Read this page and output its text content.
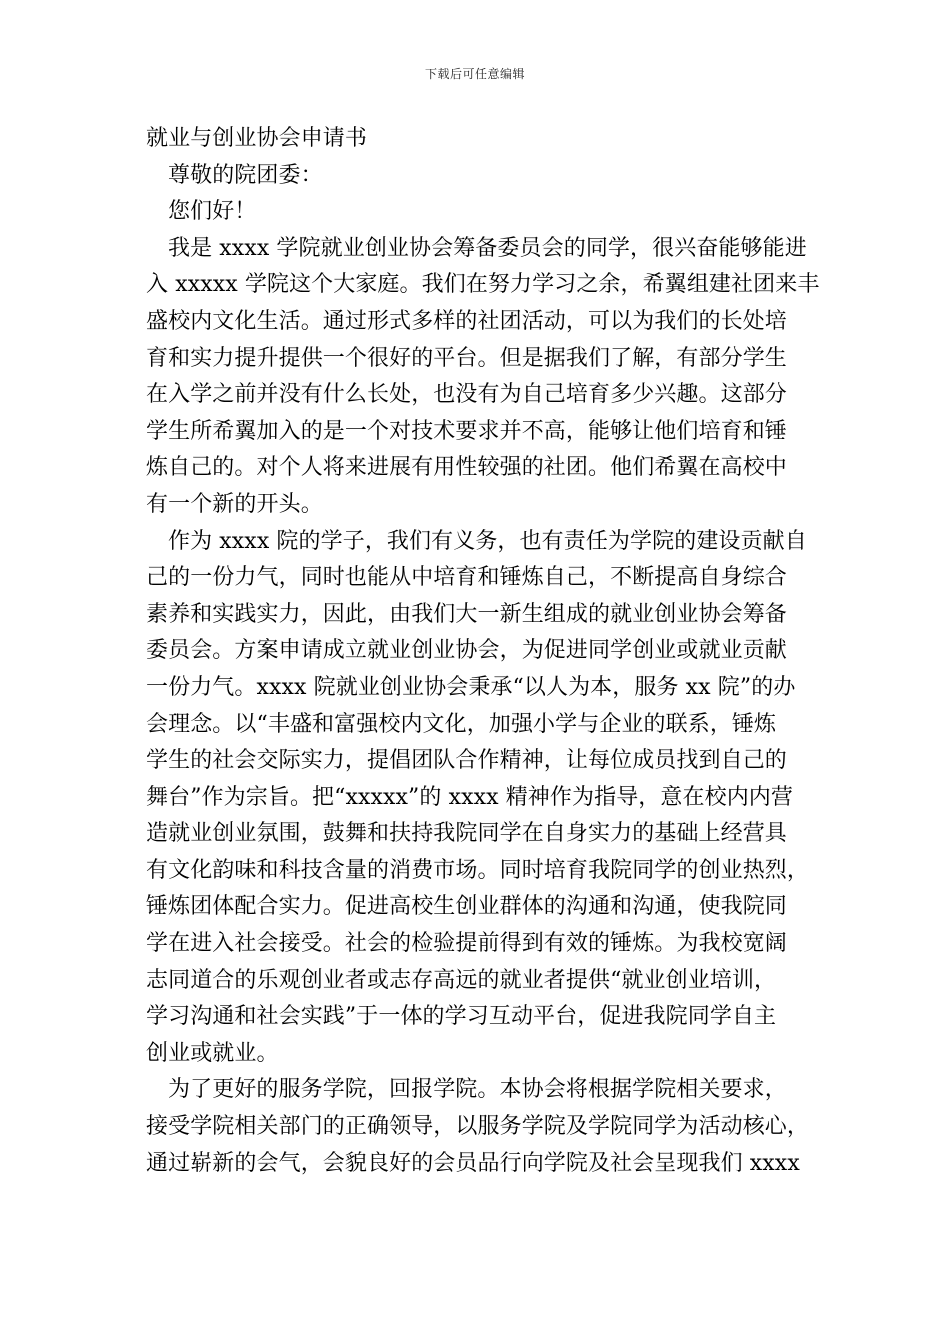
下载后可任意编辑
就业与创业协会申请书
尊敬的院团委：
您们好！
我是 xxxx 学院就业创业协会筹备委员会的同学，很兴奋能够能进
入 xxxxx 学院这个大家庭。我们在努力学习之余，希翼组建社团来丰
盛校内文化生活。通过形式多样的社团活动，可以为我们的长处培
育和实力提升提供一个很好的平台。但是据我们了解，有部分学生
在入学之前并没有什么长处，也没有为自己培育多少兴趣。这部分
学生所希翼加入的是一个对技术要求并不高，能够让他们培育和锤
炼自己的。对个人将来进展有用性较强的社团。他们希翼在高校中
有一个新的开头。
作为 xxxx 院的学子，我们有义务，也有责任为学院的建设贡献自
己的一份力气，同时也能从中培育和锤炼自己，不断提高自身综合
素养和实践实力，因此，由我们大一新生组成的就业创业协会筹备
委员会。方案申请成立就业创业协会，为促进同学创业或就业贡献
一份力气。xxxx 院就业创业协会秉承“以人为本，服务 xx 院”的办
会理念。以“丰盛和富强校内文化，加强小学与企业的联系，锤炼
学生的社会交际实力，提倡团队合作精神，让每位成员找到自己的
舞台”作为宗旨。把“xxxxx”的 xxxx 精神作为指导，意在校内内营
造就业创业氛围，鼓舞和扶持我院同学在自身实力的基础上经营具
有文化韵味和科技含量的消费市场。同时培育我院同学的创业热烈，
锤炼团体配合实力。促进高校生创业群体的沟通和沟通，使我院同
学在进入社会接受。社会的检验提前得到有效的锤炼。为我校宽阔
志同道合的乐观创业者或志存高远的就业者提供“就业创业培训，
学习沟通和社会实践”于一体的学习互动平台，促进我院同学自主
创业或就业。
为了更好的服务学院，回报学院。本协会将根据学院相关要求，
接受学院相关部门的正确领导，以服务学院及学院同学为活动核心，
通过崭新的会气，会貌良好的会员品行向学院及社会呈现我们 xxxx
